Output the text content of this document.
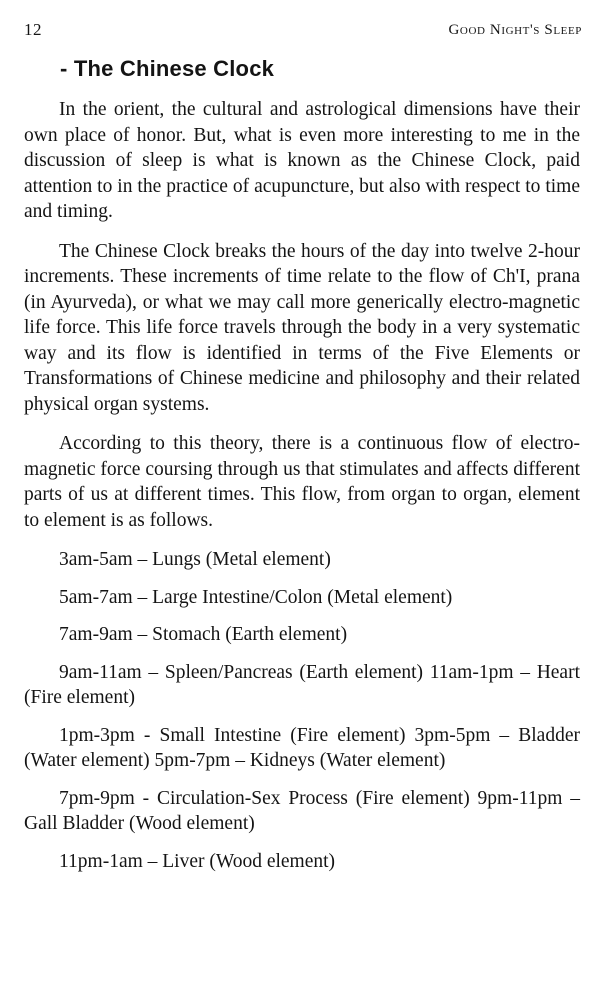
12	Good Night's Sleep
- The Chinese Clock

In the orient, the cultural and astrological dimensions have their own place of honor. But, what is even more interesting to me in the discussion of sleep is what is known as the Chinese Clock, paid attention to in the practice of acupuncture, but also with respect to time and timing.

The Chinese Clock breaks the hours of the day into twelve 2-hour increments. These increments of time relate to the flow of Ch'I, prana (in Ayurveda), or what we may call more generically electro-magnetic life force. This life force travels through the body in a very systematic way and its flow is identified in terms of the Five Elements or Transformations of Chinese medicine and philosophy and their related physical organ systems.

According to this theory, there is a continuous flow of electro-magnetic force coursing through us that stimulates and affects different parts of us at different times. This flow, from organ to organ, element to element is as follows.

3am-5am – Lungs (Metal element)

5am-7am – Large Intestine/Colon (Metal element)

7am-9am – Stomach (Earth element)

9am-11am – Spleen/Pancreas (Earth element) 11am-1pm – Heart (Fire element)

1pm-3pm - Small Intestine (Fire element) 3pm-5pm – Bladder (Water element) 5pm-7pm – Kidneys (Water element)

7pm-9pm - Circulation-Sex Process (Fire element) 9pm-11pm – Gall Bladder (Wood element)

11pm-1am – Liver (Wood element)
